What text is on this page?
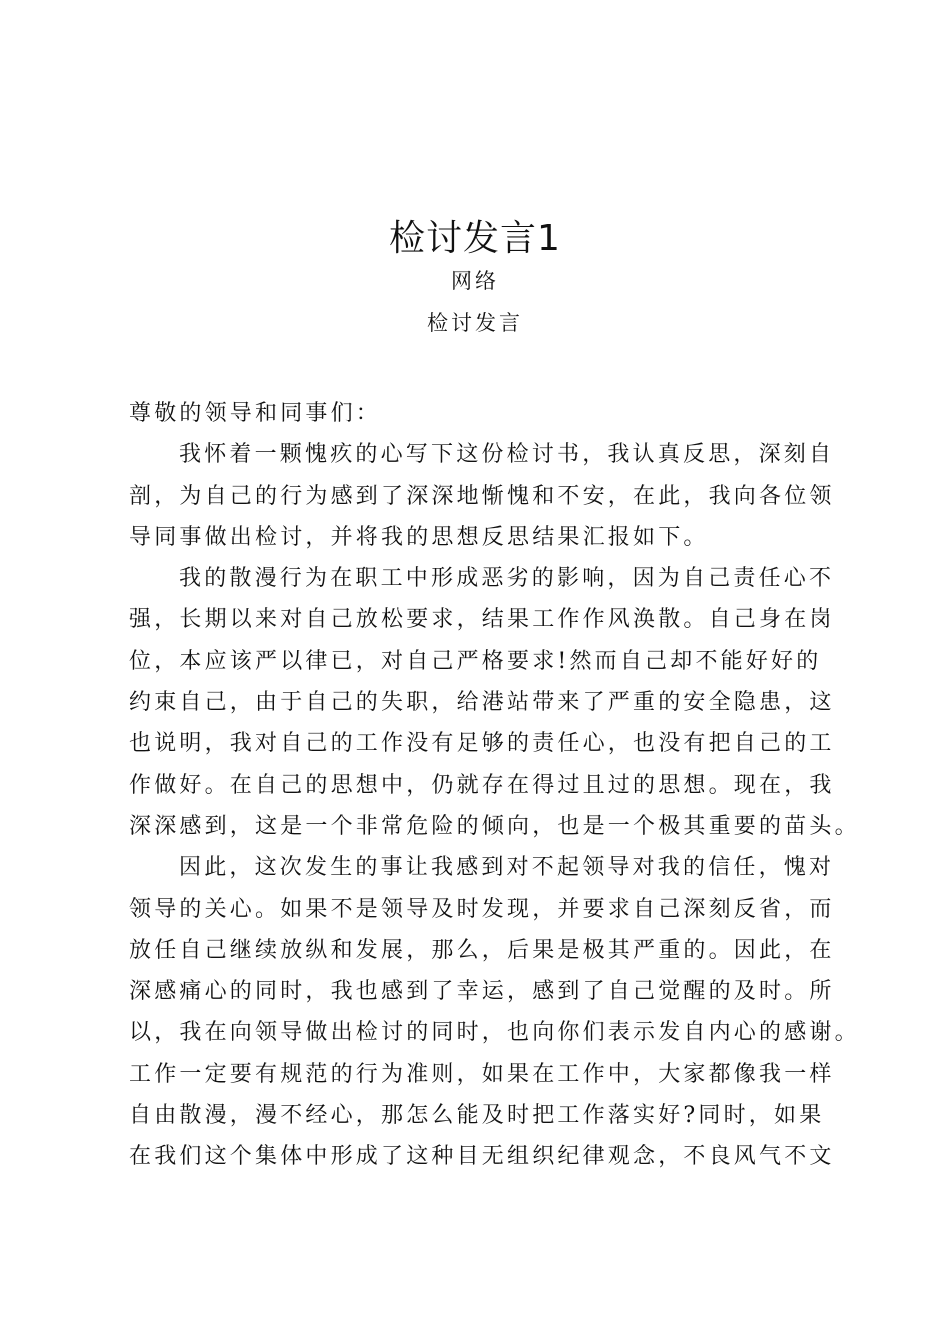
检讨发言1
网络
检讨发言
尊敬的领导和同事们：
我怀着一颗愧疚的心写下这份检讨书，我认真反思，深刻自
剖，为自己的行为感到了深深地惭愧和不安，在此，我向各位领
导同事做出检讨，并将我的思想反思结果汇报如下。
我的散漫行为在职工中形成恶劣的影响，因为自己责任心不
强，长期以来对自己放松要求，结果工作作风涣散。自己身在岗
位，本应该严以律已，对自己严格要求!然而自己却不能好好的
约束自己，由于自己的失职，给港站带来了严重的安全隐患，这
也说明，我对自己的工作没有足够的责任心，也没有把自己的工
作做好。在自己的思想中，仍就存在得过且过的思想。现在，我
深深感到，这是一个非常危险的倾向，也是一个极其重要的苗头。
因此，这次发生的事让我感到对不起领导对我的信任，愧对
领导的关心。如果不是领导及时发现，并要求自己深刻反省，而
放任自己继续放纵和发展，那么，后果是极其严重的。因此，在
深感痛心的同时，我也感到了幸运，感到了自己觉醒的及时。所
以，我在向领导做出检讨的同时，也向你们表示发自内心的感谢。
工作一定要有规范的行为准则，如果在工作中，大家都像我一样
自由散漫，漫不经心，那怎么能及时把工作落实好?同时，如果
在我们这个集体中形成了这种目无组织纪律观念，不良风气不文
